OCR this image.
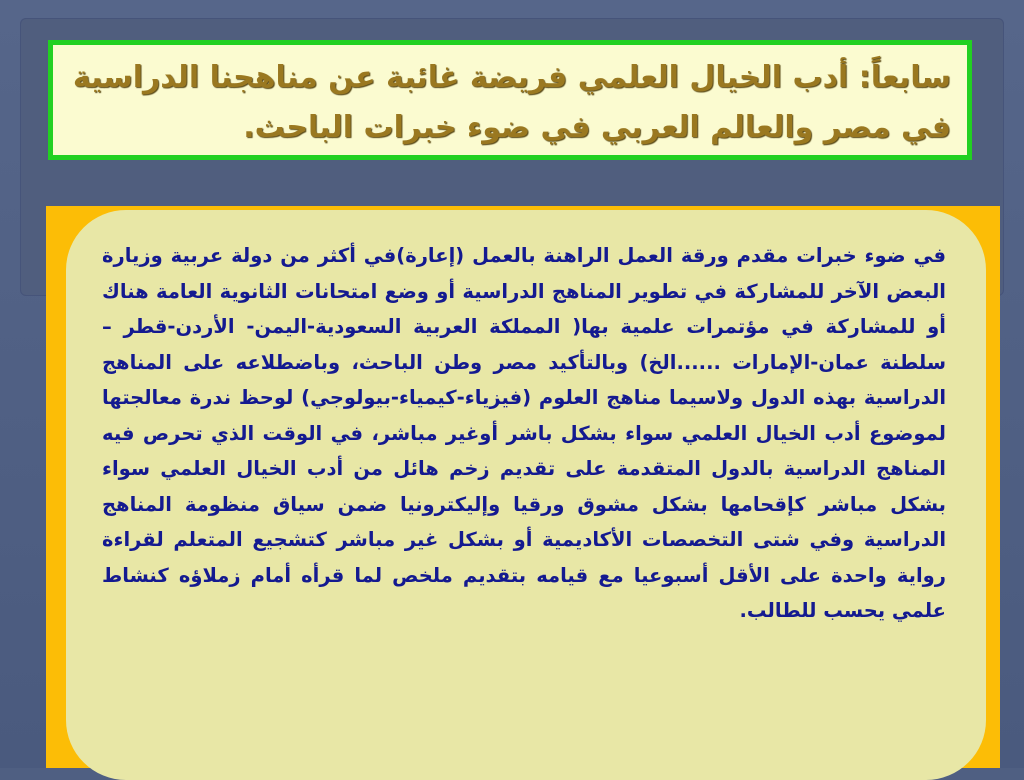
سابعاً: أدب الخيال العلمي فريضة غائبة عن مناهجنا الدراسية في مصر والعالم العربي في ضوء خبرات الباحث.

في ضوء خبرات مقدم ورقة العمل الراهنة بالعمل (إعارة)في أكثر من دولة عربية وزيارة البعض الآخر للمشاركة في تطوير المناهج الدراسية أو وضع امتحانات الثانوية العامة هناك أو للمشاركة في مؤتمرات علمية بها( المملكة العربية السعودية-اليمن- الأردن-قطر –سلطنة عمان-الإمارات ......الخ) وبالتأكيد مصر وطن الباحث، وباضطلاعه على المناهج الدراسية بهذه الدول ولاسيما مناهج العلوم (فيزياء-كيمياء-بيولوجي) لوحظ ندرة معالجتها لموضوع أدب الخيال العلمي سواء بشكل باشر أوغير مباشر، في الوقت الذي تحرص فيه المناهج الدراسية بالدول المتقدمة على تقديم زخم هائل من أدب الخيال العلمي سواء بشكل مباشر كإقحامها بشكل مشوق ورقيا وإليكترونيا ضمن سياق منظومة المناهج الدراسية وفي شتى التخصصات الأكاديمية أو بشكل غير مباشر كتشجيع المتعلم لقراءة رواية واحدة على الأقل أسبوعيا مع قيامه بتقديم ملخص لما قرأه أمام زملاؤه كنشاط علمي يحسب للطالب.
